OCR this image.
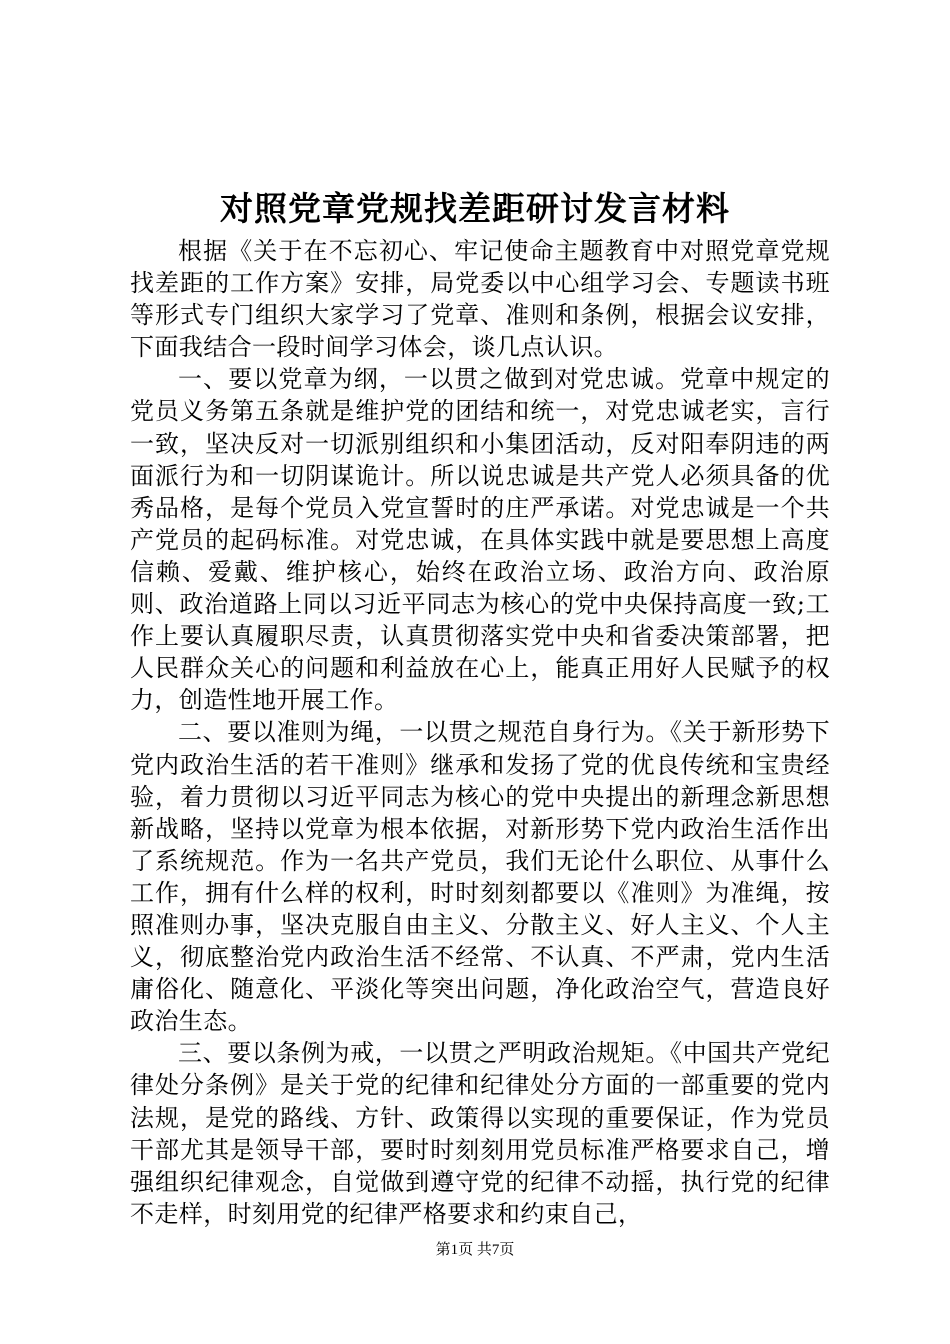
对照党章党规找差距研讨发言材料

根据《关于在不忘初心、牢记使命主题教育中对照党章党规找差距的工作方案》安排，局党委以中心组学习会、专题读书班等形式专门组织大家学习了党章、准则和条例，根据会议安排，下面我结合一段时间学习体会，谈几点认识。

一、要以党章为纲，一以贯之做到对党忠诚。党章中规定的党员义务第五条就是维护党的团结和统一，对党忠诚老实，言行一致，坚决反对一切派别组织和小集团活动，反对阳奉阴违的两面派行为和一切阴谋诡计。所以说忠诚是共产党人必须具备的优秀品格，是每个党员入党宣誓时的庄严承诺。对党忠诚是一个共产党员的起码标准。对党忠诚，在具体实践中就是要思想上高度信赖、爱戴、维护核心，始终在政治立场、政治方向、政治原则、政治道路上同以习近平同志为核心的党中央保持高度一致;工作上要认真履职尽责，认真贯彻落实党中央和省委决策部署，把人民群众关心的问题和利益放在心上，能真正用好人民赋予的权力，创造性地开展工作。

二、要以准则为绳，一以贯之规范自身行为。《关于新形势下党内政治生活的若干准则》继承和发扬了党的优良传统和宝贵经验，着力贯彻以习近平同志为核心的党中央提出的新理念新思想新战略，坚持以党章为根本依据，对新形势下党内政治生活作出了系统规范。作为一名共产党员，我们无论什么职位、从事什么工作，拥有什么样的权利，时时刻刻都要以《准则》为准绳，按照准则办事，坚决克服自由主义、分散主义、好人主义、个人主义，彻底整治党内政治生活不经常、不认真、不严肃，党内生活庸俗化、随意化、平淡化等突出问题，净化政治空气，营造良好政治生态。

三、要以条例为戒，一以贯之严明政治规矩。《中国共产党纪律处分条例》是关于党的纪律和纪律处分方面的一部重要的党内法规，是党的路线、方针、政策得以实现的重要保证，作为党员干部尤其是领导干部，要时时刻刻用党员标准严格要求自己，增强组织纪律观念，自觉做到遵守党的纪律不动摇，执行党的纪律不走样，时刻用党的纪律严格要求和约束自己，

第1页 共7页
